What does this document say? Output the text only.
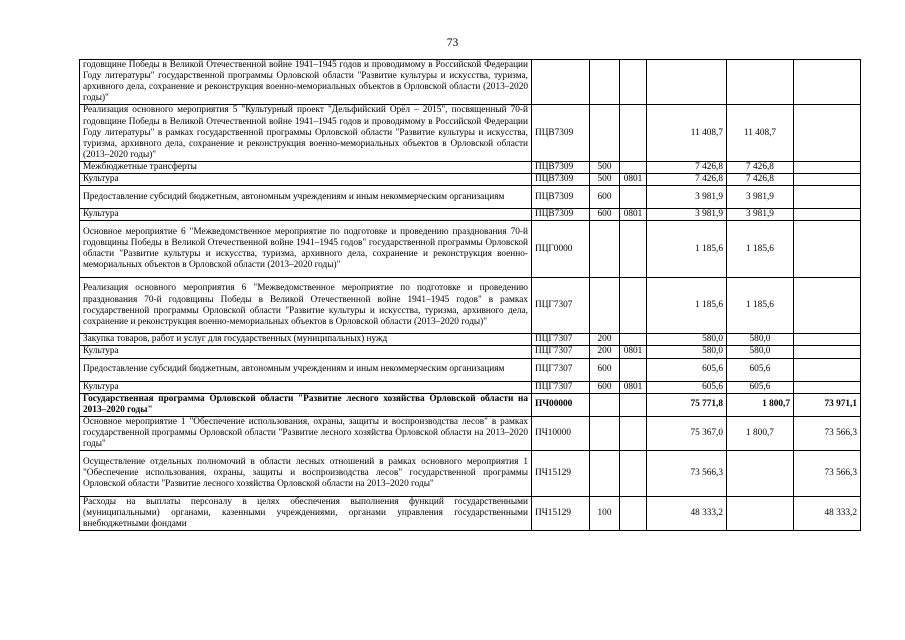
73
годовщине Победы в Великой Отечественной войне 1941–1945 годов и проводимому в Российской Федерации Году литературы" государственной программы Орловской области "Развитие культуры и искусства, туризма, архивного дела, сохранение и реконструкция военно-мемориальных объектов в Орловской области (2013–2020 годы)"						
Реализация основного мероприятия 5 "Культурный проект "Дельфийский Орёл – 2015", посвященный 70-й годовщине Победы в Великой Отечественной войне 1941–1945 годов и проводимому в Российской Федерации Году литературы" в рамках государственной программы Орловской области "Развитие культуры и искусства, туризма, архивного дела, сохранение и реконструкция военно-мемориальных объектов в Орловской области (2013–2020 годы)"	ПЦВ7309			11 408,7	11 408,7	
Межбюджетные трансферты	ПЦВ7309	500		7 426,8	7 426,8	
Культура	ПЦВ7309	500	0801	7 426,8	7 426,8	
Предоставление субсидий бюджетным, автономным учреждениям и иным некоммерческим организациям	ПЦВ7309	600		3 981,9	3 981,9	
Культура	ПЦВ7309	600	0801	3 981,9	3 981,9	
Основное мероприятие 6 "Межведомственное мероприятие по подготовке и проведению празднования 70-й годовщины Победы в Великой Отечественной войне 1941–1945 годов" государственной программы Орловской области "Развитие культуры и искусства, туризма, архивного дела, сохранение и реконструкция военно-мемориальных объектов в Орловской области (2013–2020 годы)"	ПЦГ0000			1 185,6	1 185,6	
Реализация основного мероприятия 6 "Межведомственное мероприятие по подготовке и проведению празднования 70-й годовщины Победы в Великой Отечественной войне 1941–1945 годов" в рамках государственной программы Орловской области "Развитие культуры и искусства, туризма, архивного дела, сохранение и реконструкция военно-мемориальных объектов в Орловской области (2013–2020 годы)"	ПЦГ7307			1 185,6	1 185,6	
Закупка товаров, работ и услуг для государственных (муниципальных) нужд	ПЦГ7307	200		580,0	580,0	
Культура	ПЦГ7307	200	0801	580,0	580,0	
Предоставление субсидий бюджетным, автономным учреждениям и иным некоммерческим организациям	ПЦГ7307	600		605,6	605,6	
Культура	ПЦГ7307	600	0801	605,6	605,6	
Государственная программа Орловской области "Развитие лесного хозяйства Орловской области на 2013–2020 годы"	ПЧ00000			75 771,8	1 800,7	73 971,1
Основное мероприятие 1 "Обеспечение использования, охраны, защиты и воспроизводства лесов" в рамках государственной программы Орловской области "Развитие лесного хозяйства Орловской области на 2013–2020 годы"	ПЧ10000			75 367,0	1 800,7	73 566,3
Осуществление отдельных полномочий в области лесных отношений в рамках основного мероприятия 1 "Обеспечение использования, охраны, защиты и воспроизводства лесов" государственной программы Орловской области "Развитие лесного хозяйства Орловской области на 2013–2020 годы"	ПЧ15129			73 566,3		73 566,3
Расходы на выплаты персоналу в целях обеспечения выполнения функций государственными (муниципальными) органами, казенными учреждениями, органами управления государственными внебюджетными фондами	ПЧ15129	100		48 333,2		48 333,2
